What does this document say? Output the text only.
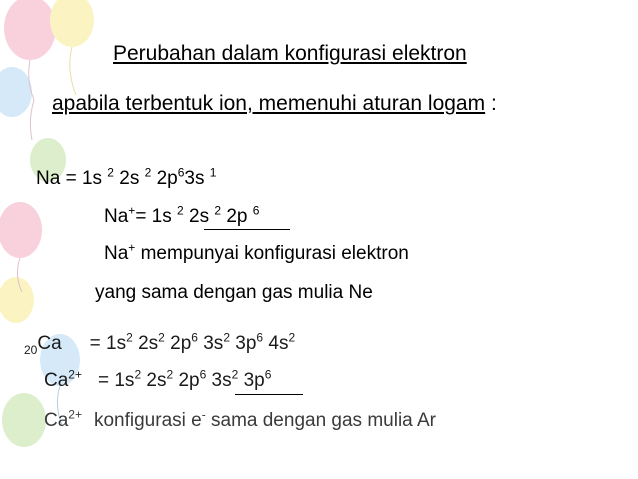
Perubahan dalam konfigurasi elektron
apabila terbentuk ion, memenuhi aturan logam :
Na = 1s $^2$ 2s $^2$ $2p^63s$ $^1$
Na+= 1s $^2$ 2s $^2$ 2p $^6$
Na+ mempunyai konfigurasi elektron
yang sama dengan gas mulia Ne
$_{20}Ca = 1s^2$ $2s^2$ $2p^6$ $3s^2$ $3p^6$ $4s^2$
$Ca^{2+} = 1s^2$ $2s^2$ $2p^6$ $3s^2$ $3p^6$
$Ca^{2+}$ konfigurasi e- sama dengan gas mulia Ar
